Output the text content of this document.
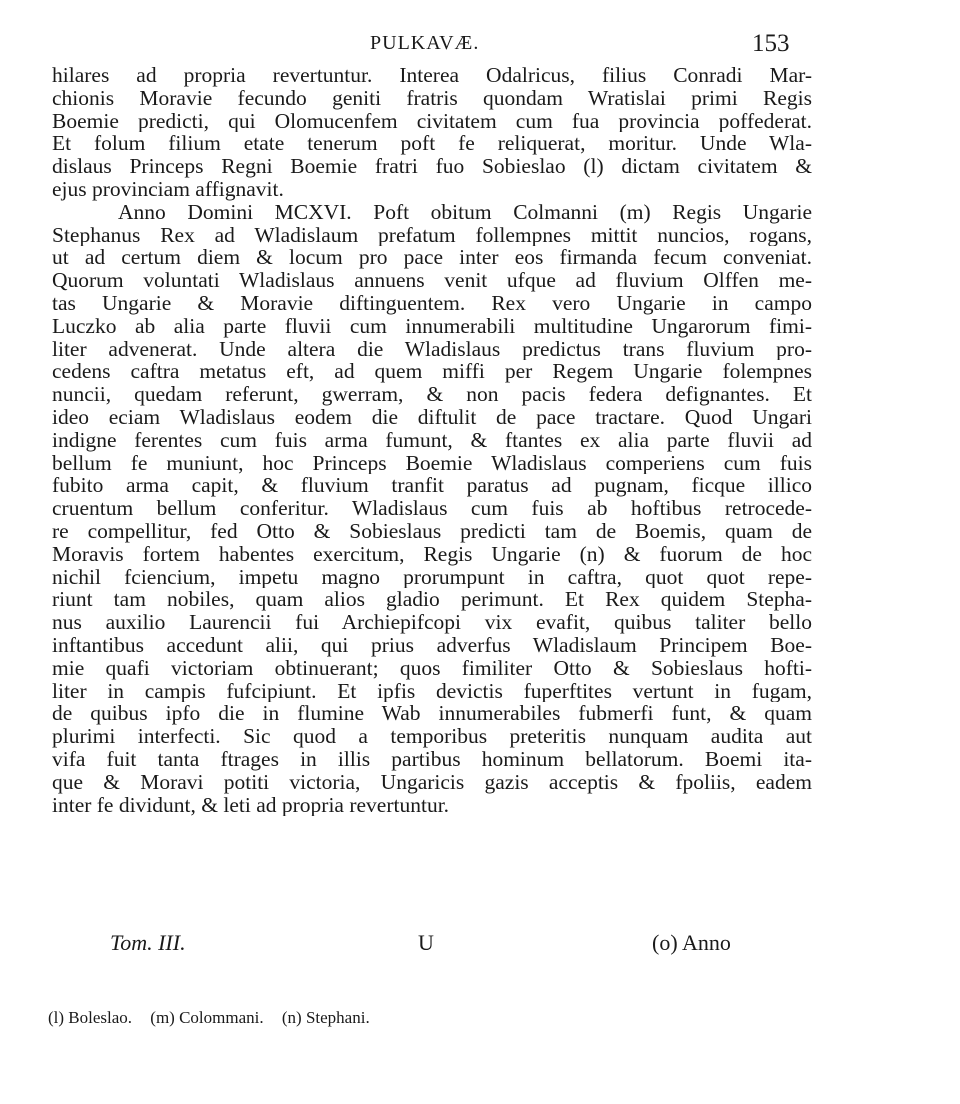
PULKAVÆ.	153
hilares ad propria revertuntur. Interea Odalricus, filius Conradi Mar-
chionis Moravie fecundo geniti fratris quondam Wratislai primi Regis
Boemie predicti, qui Olomucenfem civitatem cum fua provincia poffederat.
Et folum filium etate tenerum poft fe reliquerat, moritur. Unde Wla-
dislaus Princeps Regni Boemie fratri fuo Sobieslao (l) dictam civitatem &
ejus provinciam affignavit.
Anno Domini MCXVI. Poft obitum Colmanni (m) Regis Ungarie
Stephanus Rex ad Wladislaum prefatum follempnes mittit nuncios, rogans,
ut ad certum diem & locum pro pace inter eos firmanda fecum conveniat.
Quorum voluntati Wladislaus annuens venit ufque ad fluvium Olffen me-
tas Ungarie & Moravie diftinguentem. Rex vero Ungarie in campo
Luczko ab alia parte fluvii cum innumerabili multitudine Ungarorum fimi-
liter advenerat. Unde altera die Wladislaus predictus trans fluvium pro-
cedens caftra metatus eft, ad quem miffi per Regem Ungarie folempnes
nuncii, quedam referunt, gwerram, & non pacis federa defignantes. Et
ideo eciam Wladislaus eodem die diftulit de pace tractare. Quod Ungari
indigne ferentes cum fuis arma fumunt, & ftantes ex alia parte fluvii ad
bellum fe muniunt, hoc Princeps Boemie Wladislaus comperiens cum fuis
fubito arma capit, & fluvium tranfit paratus ad pugnam, ficque illico
cruentum bellum conferitur. Wladislaus cum fuis ab hoftibus retrocede-
re compellitur, fed Otto & Sobieslaus predicti tam de Boemis, quam de
Moravis fortem habentes exercitum, Regis Ungarie (n) & fuorum de hoc
nichil fciencium, impetu magno prorumpunt in caftra, quot quot repe-
riunt tam nobiles, quam alios gladio perimunt. Et Rex quidem Stepha-
nus auxilio Laurencii fui Archiepifcopi vix evafit, quibus taliter bello
inftantibus accedunt alii, qui prius adverfus Wladislaum Principem Boe-
mie quafi victoriam obtinuerant; quos fimiliter Otto & Sobieslaus hofti-
liter in campis fufcipiunt. Et ipfis devictis fuperftites vertunt in fugam,
de quibus ipfo die in flumine Wab innumerabiles fubmerfi funt, & quam
plurimi interfecti. Sic quod a temporibus preteritis nunquam audita aut
vifa fuit tanta ftrages in illis partibus hominum bellatorum. Boemi ita-
que & Moravi potiti victoria, Ungaricis gazis acceptis & fpoliis, eadem
inter fe dividunt, & leti ad propria revertuntur.
Tom. III.	U	(o) Anno
(l) Boleslao. (m) Colommani. (n) Stephani.
